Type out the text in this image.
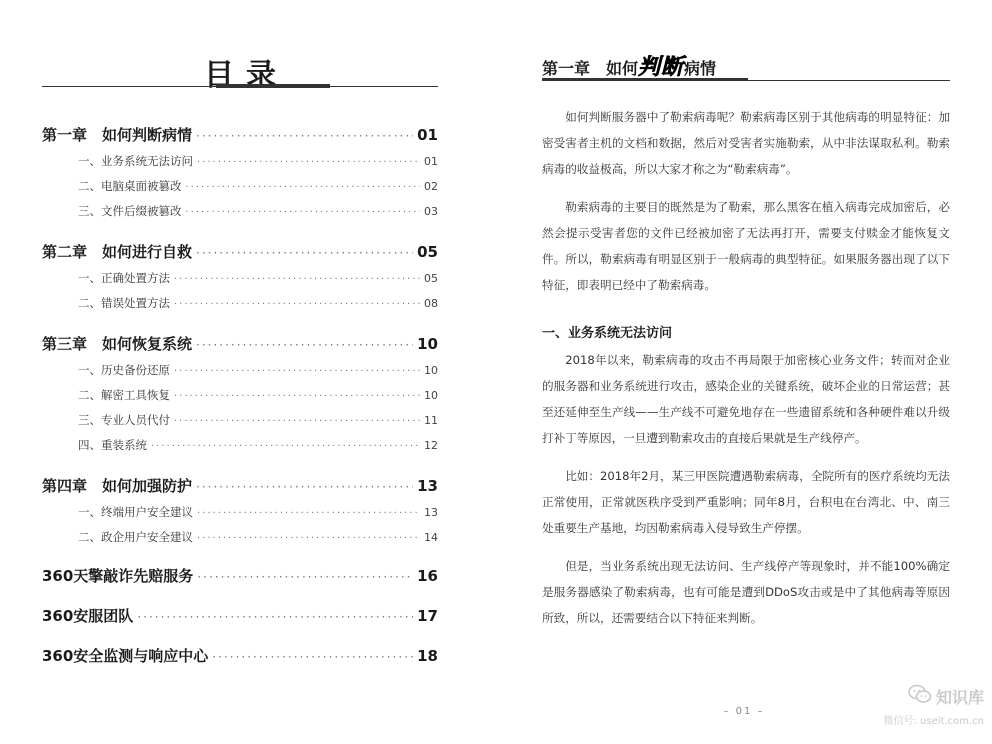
目录
第一章 如何判断病情 ·····	01
一、业务系统无法访问 ·····	01
二、电脑桌面被篡改 ·····	02
三、文件后缀被篡改 ·····	03
第二章 如何进行自救 ·····	05
一、正确处置方法 ·····	05
二、错误处置方法 ·····	08
第三章 如何恢复系统 ·····	10
一、历史备份还原 ·····	10
二、解密工具恢复 ·····	10
三、专业人员代付 ·····	11
四、重装系统 ·····	12
第四章 如何加强防护 ·····	13
一、终端用户安全建议 ·····	13
二、政企用户安全建议 ·····	14
360天擎敲诈先赔服务 ·····	16
360安服团队 ·····	17
360安全监测与响应中心 ·····	18
第一章 如何判断病情

如何判断服务器中了勒索病毒呢？勒索病毒区别于其他病毒的明显特征：加密受害者主机的文档和数据，然后对受害者实施勒索，从中非法谋取私利。勒索病毒的收益极高，所以大家才称之为“勒索病毒”。

勒索病毒的主要目的既然是为了勒索，那么黑客在植入病毒完成加密后，必然会提示受害者您的文件已经被加密了无法再打开，需要支付赎金才能恢复文件。所以，勒索病毒有明显区别于一般病毒的典型特征。如果服务器出现了以下特征，即表明已经中了勒索病毒。

一、业务系统无法访问

2018年以来，勒索病毒的攻击不再局限于加密核心业务文件；转而对企业的服务器和业务系统进行攻击，感染企业的关键系统，破坏企业的日常运营；甚至还延伸至生产线——生产线不可避免地存在一些遗留系统和各种硬件难以升级打补丁等原因，一旦遭到勒索攻击的直接后果就是生产线停产。

比如：2018年2月，某三甲医院遭遇勒索病毒，全院所有的医疗系统均无法正常使用，正常就医秩序受到严重影响；同年8月，台积电在台湾北、中、南三处重要生产基地，均因勒索病毒入侵导致生产停摆。

但是，当业务系统出现无法访问、生产线停产等现象时，并不能100%确定是服务器感染了勒索病毒，也有可能是遭到DDoS攻击或是中了其他病毒等原因所致，所以，还需要结合以下特征来判断。

– 01 –
知识库
微信号: useit.com.cn
